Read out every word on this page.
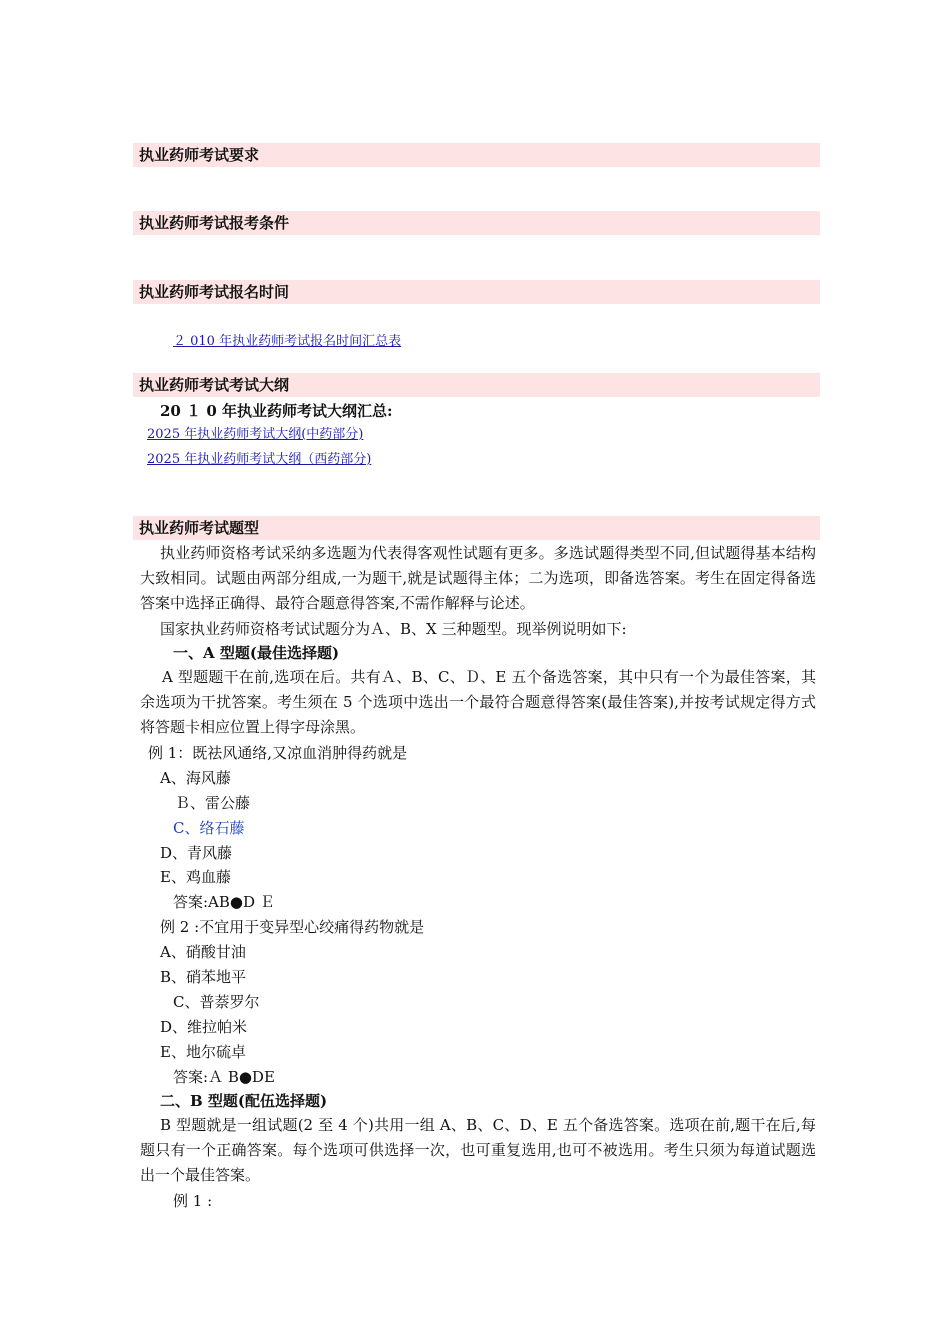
执业药师考试要求
执业药师考试报考条件
执业药师考试报名时间
２ 010 年执业药师考试报名时间汇总表
执业药师考试考试大纲
20 １ 0 年执业药师考试大纲汇总:
2025 年执业药师考试大纲(中药部分)
2025 年执业药师考试大纲（西药部分)
执业药师考试题型
执业药师资格考试采纳多选题为代表得客观性试题有更多。多选试题得类型不同,但试题得基本结构大致相同。试题由两部分组成,一为题干,就是试题得主体；二为选项，即备选答案。考生在固定得备选答案中选择正确得、最符合题意得答案,不需作解释与论述。
国家执业药师资格考试试题分为Ａ、B、X 三种题型。现举例说明如下:
一、A 型题(最佳选择题)
A 型题题干在前,选项在后。共有Ａ、B、C、Ｄ、E 五个备选答案，其中只有一个为最佳答案，其余选项为干扰答案。考生须在 5 个选项中选出一个最符合题意得答案(最佳答案),并按考试规定得方式将答题卡相应位置上得字母涂黑。
例 1：既祛风通络,又凉血消肿得药就是
A、海风藤
Ｂ、雷公藤
C、络石藤
D、青风藤
E、鸡血藤
答案:AB●D Ｅ
例 2 :不宜用于变异型心绞痛得药物就是
A、硝酸甘油
B、硝苯地平
C、普萘罗尔
D、维拉帕米
E、地尔硫卓
答案:Ａ B●DE
二、B 型题(配伍选择题)
B 型题就是一组试题(2 至 4 个)共用一组 A、B、C、D、E 五个备选答案。选项在前,题干在后,每题只有一个正确答案。每个选项可供选择一次，也可重复选用,也可不被选用。考生只须为每道试题选出一个最佳答案。
例 1 :
